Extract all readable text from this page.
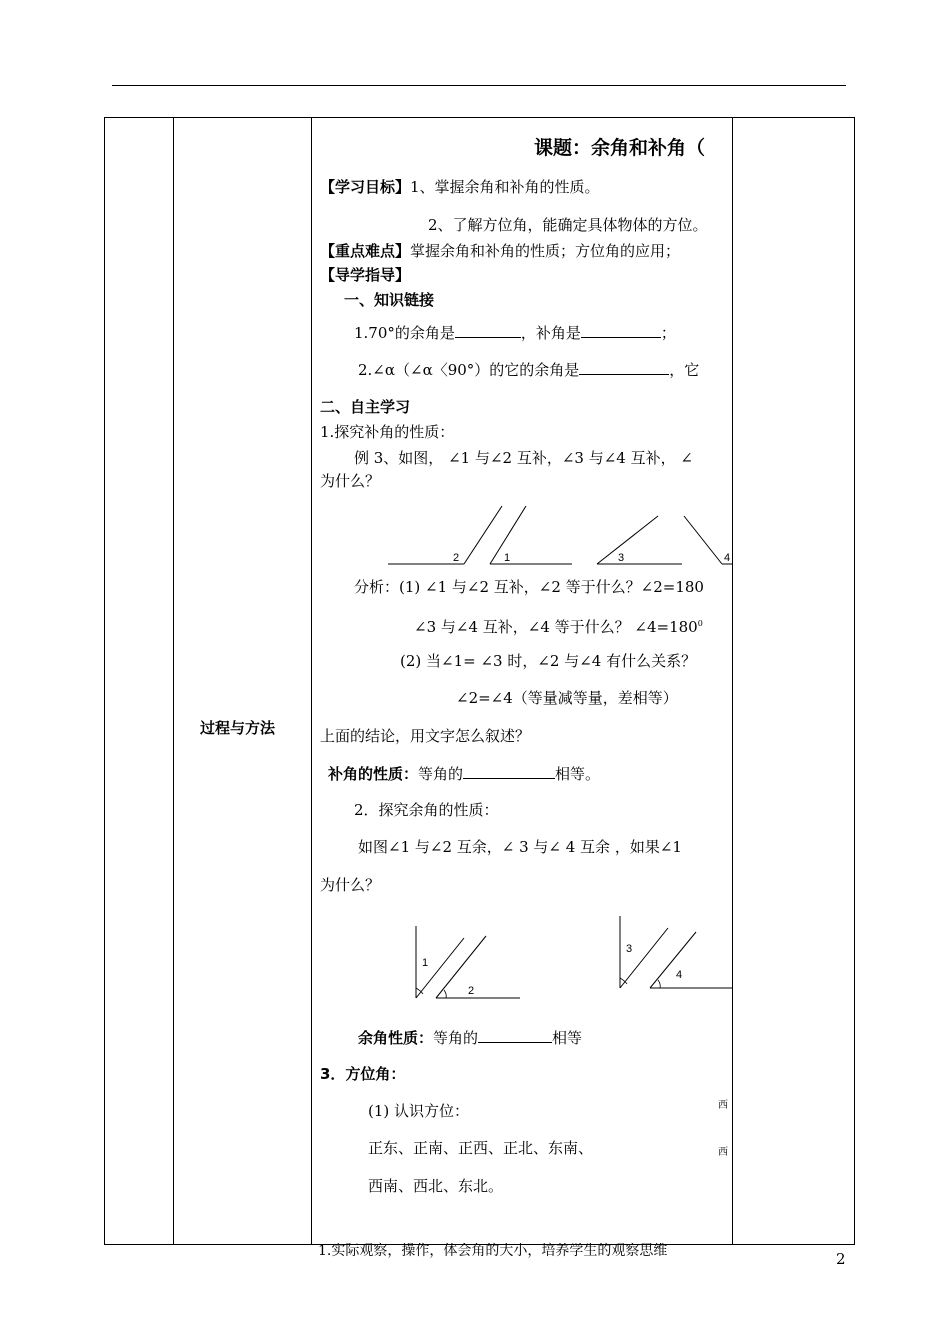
2
过程与方法
1.实际观察，操作，体会角的大小，培养学生的观察思维
课题：余角和补角（
【学习目标】1、掌握余角和补角的性质。
2、了解方位角，能确定具体物体的方位。
【重点难点】掌握余角和补角的性质；方位角的应用；
【导学指导】
一、知识链接
1.70°的余角是	，补角是	；
2.∠α（∠α〈90°）的它的余角是	，它
二、自主学习
1.探究补角的性质：
例 3、如图， ∠1 与∠2 互补，∠3 与∠4 互补， ∠
为什么？
2	1	3	4
分析：(1) ∠1 与∠2 互补，∠2 等于什么？∠2=180
∠3 与∠4 互补，∠4 等于什么？ $\angle 4=180^0$
(2) 当∠1= ∠3 时，∠2 与∠4 有什么关系？
∠2=∠4（等量减等量，差相等）
上面的结论，用文字怎么叙述？
补角的性质：等角的	相等。
2．探究余角的性质：
如图∠1 与∠2 互余，∠ 3 与∠ 4 互余 ，如果∠1
为什么？
1
2
3
4
余角性质：等角的	相等
3．方位角：
(1) 认识方位：
正东、正南、正西、正北、东南、
西南、西北、东北。
西
西
